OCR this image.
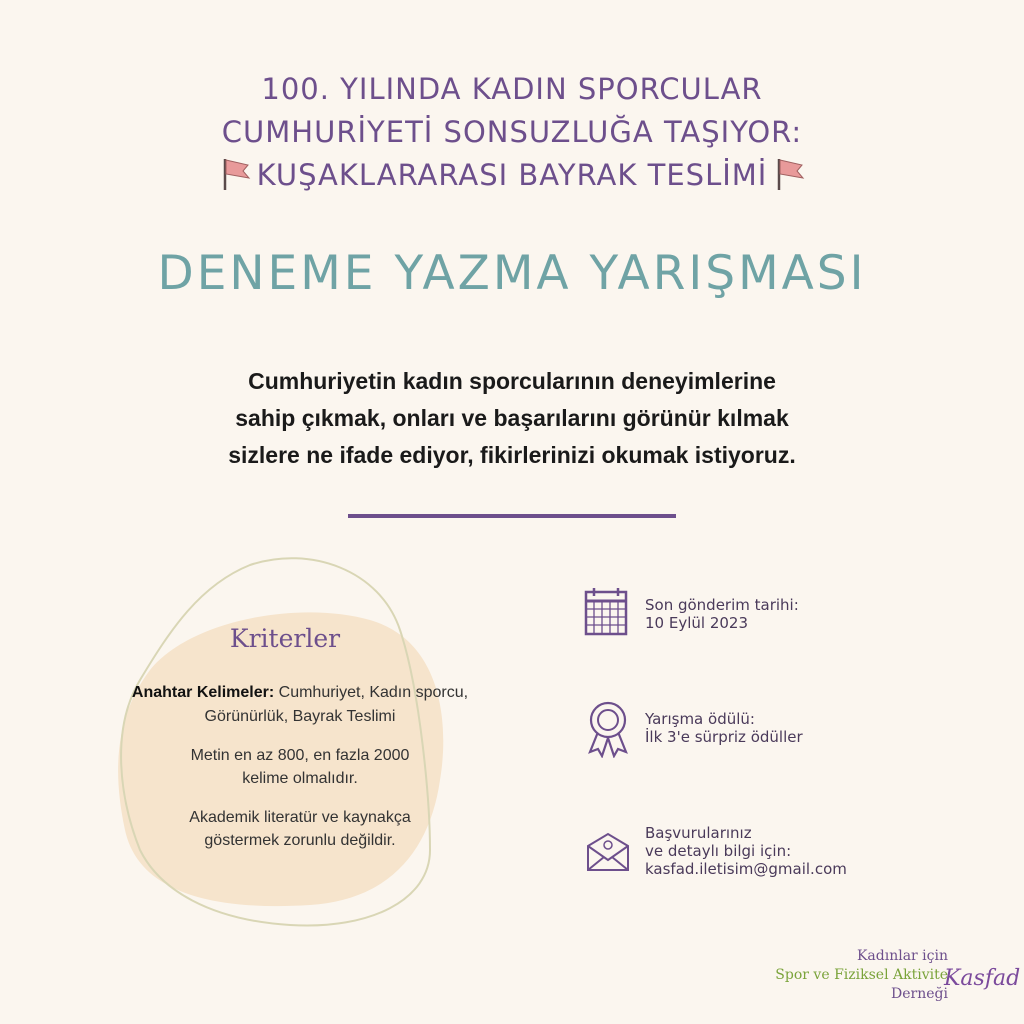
100. YILINDA KADIN SPORCULAR
CUMHURİYETİ SONSUZLUĞA TAŞIYOR:
KUŞAKLARARASI BAYRAK TESLİMİ
DENEME YAZMA YARIŞMASI
Cumhuriyetin kadın sporcularının deneyimlerine
sahip çıkmak, onları ve başarılarını görünür kılmak
sizlere ne ifade ediyor, fikirlerinizi okumak istiyoruz.
Kriterler
Anahtar Kelimeler: Cumhuriyet, Kadın sporcu,
Görünürlük, Bayrak Teslimi
Metin en az 800, en fazla 2000
kelime olmalıdır.
Akademik literatür ve kaynakça
göstermek zorunlu değildir.
Son gönderim tarihi:
10 Eylül 2023
Yarışma ödülü:
İlk 3'e sürpriz ödüller
Başvurularınız
ve detaylı bilgi için:
kasfad.iletisim@gmail.com
Kadınlar için
Spor ve Fiziksel Aktivite
Derneği
Kasfad
